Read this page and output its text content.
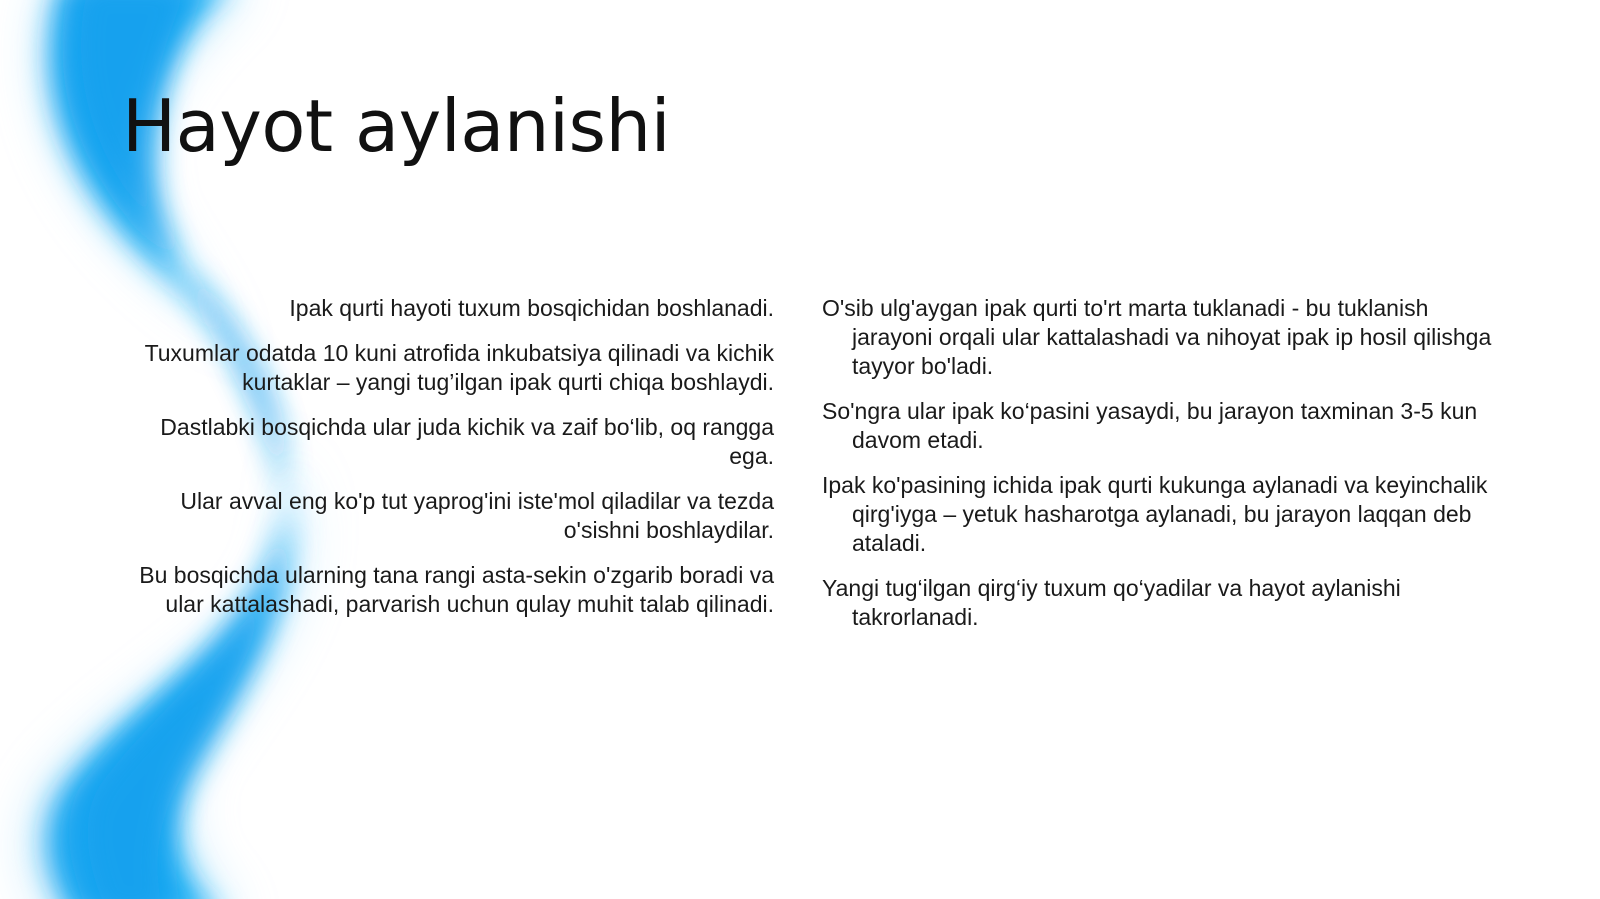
Hayot aylanishi

Ipak qurti hayoti tuxum bosqichidan boshlanadi.

Tuxumlar odatda 10 kuni atrofida inkubatsiya qilinadi va kichik kurtaklar – yangi tug’ilgan ipak qurti chiqa boshlaydi.

Dastlabki bosqichda ular juda kichik va zaif bo‘lib, oq rangga ega.

Ular avval eng ko'p tut yaprog'ini iste'mol qiladilar va tezda o'sishni boshlaydilar.

Bu bosqichda ularning tana rangi asta-sekin o'zgarib boradi va ular kattalashadi, parvarish uchun qulay muhit talab qilinadi.

O'sib ulg'aygan ipak qurti to'rt marta tuklanadi - bu tuklanish jarayoni orqali ular kattalashadi va nihoyat ipak ip hosil qilishga tayyor bo'ladi.

So'ngra ular ipak ko‘pasini yasaydi, bu jarayon taxminan 3-5 kun davom etadi.

Ipak ko'pasining ichida ipak qurti kukunga aylanadi va keyinchalik qirg'iyga – yetuk hasharotga aylanadi, bu jarayon laqqan deb ataladi.

Yangi tug‘ilgan qirg‘iy tuxum qo‘yadilar va hayot aylanishi takrorlanadi.
